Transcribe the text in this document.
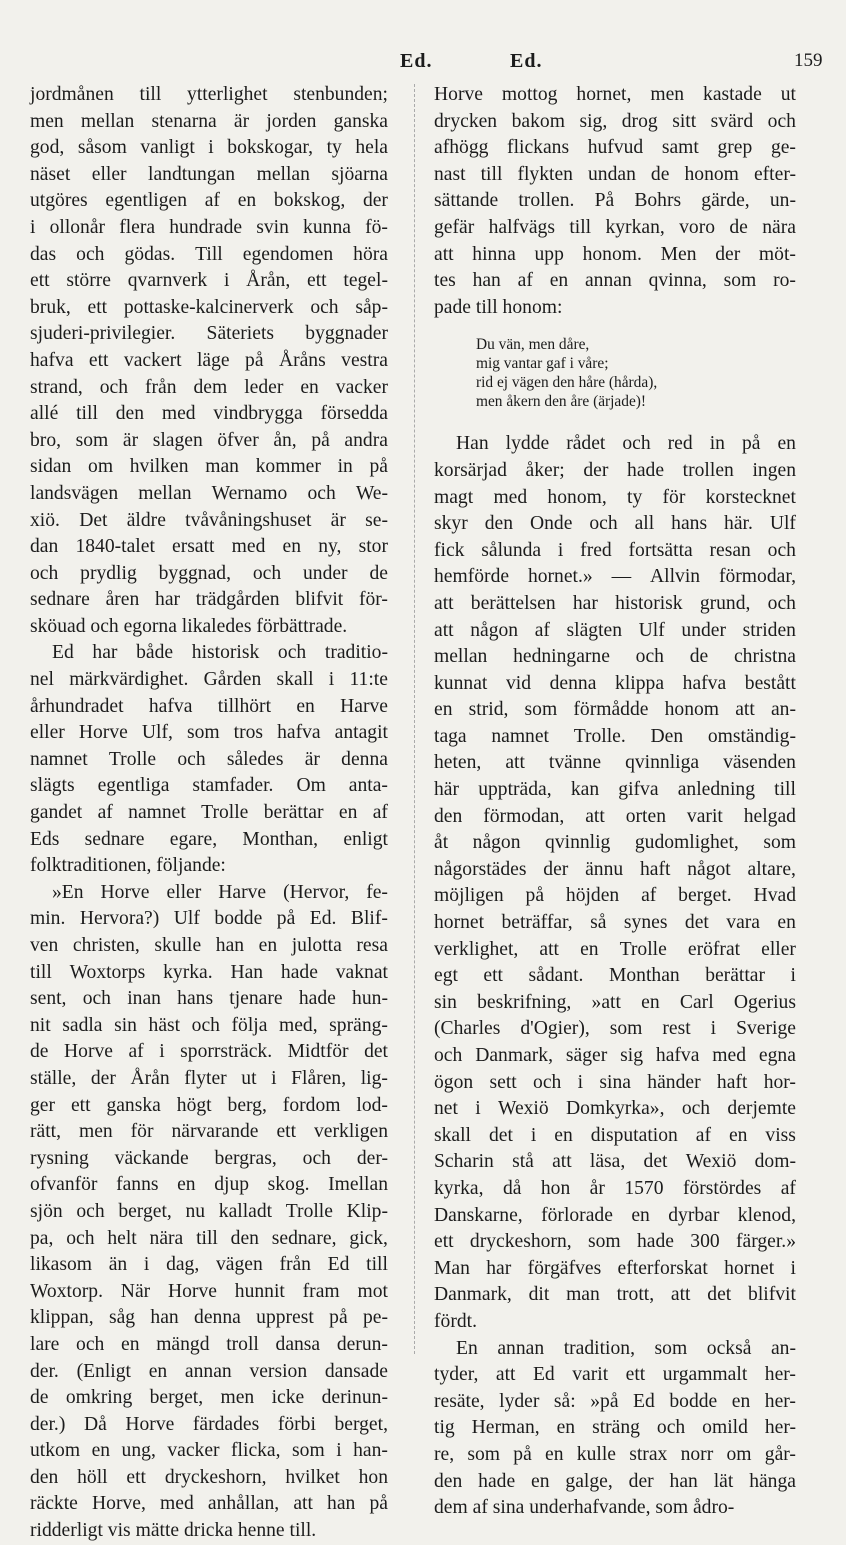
Ed.	Ed.	159
jordmånen till ytterlighet stenbunden;
men mellan stenarna är jorden ganska
god, såsom vanligt i bokskogar, ty hela
näset eller landtungan mellan sjöarna
utgöres egentligen af en bokskog, der
i ollonår flera hundrade svin kunna fö-
das och gödas. Till egendomen höra
ett större qvarnverk i Årån, ett tegel-
bruk, ett pottaske-kalcinerverk och såp-
sjuderi-privilegier. Säteriets byggnader
hafva ett vackert läge på Åråns vestra
strand, och från dem leder en vacker
allé till den med vindbrygga försedda
bro, som är slagen öfver ån, på andra
sidan om hvilken man kommer in på
landsvägen mellan Wernamo och We-
xiö. Det äldre tvåvåningshuset är se-
dan 1840-talet ersatt med en ny, stor
och prydlig byggnad, och under de
sednare åren har trädgården blifvit för-
sköuad och egorna likaledes förbättrade.
Ed har både historisk och traditio-
nel märkvärdighet. Gården skall i 11:te
århundradet hafva tillhört en Harve
eller Horve Ulf, som tros hafva antagit
namnet Trolle och således är denna
slägts egentliga stamfader. Om anta-
gandet af namnet Trolle berättar en af
Eds sednare egare, Monthan, enligt
folktraditionen, följande:
»En Horve eller Harve (Hervor, fe-
min. Hervora?) Ulf bodde på Ed. Blif-
ven christen, skulle han en julotta resa
till Woxtorps kyrka. Han hade vaknat
sent, och inan hans tjenare hade hun-
nit sadla sin häst och följa med, spräng-
de Horve af i sporrsträck. Midtför det
ställe, der Årån flyter ut i Flåren, lig-
ger ett ganska högt berg, fordom lod-
rätt, men för närvarande ett verkligen
rysning väckande bergras, och der-
ofvanför fanns en djup skog. Imellan
sjön och berget, nu kalladt Trolle Klip-
pa, och helt nära till den sednare, gick,
likasom än i dag, vägen från Ed till
Woxtorp. När Horve hunnit fram mot
klippan, såg han denna upprest på pe-
lare och en mängd troll dansa derun-
der. (Enligt en annan version dansade
de omkring berget, men icke derinun-
der.) Då Horve färdades förbi berget,
utkom en ung, vacker flicka, som i han-
den höll ett dryckeshorn, hvilket hon
räckte Horve, med anhållan, att han på
ridderligt vis mätte dricka henne till.
Horve mottog hornet, men kastade ut
drycken bakom sig, drog sitt svärd och
afhögg flickans hufvud samt grep ge-
nast till flykten undan de honom efter-
sättande trollen. På Bohrs gärde, un-
gefär halfvägs till kyrkan, voro de nära
att hinna upp honom. Men der möt-
tes han af en annan qvinna, som ro-
pade till honom:
Du vän, men dåre,
mig vantar gaf i våre;
rid ej vägen den håre (hårda),
men åkern den åre (ärjade)!
Han lydde rådet och red in på en
korsärjad åker; der hade trollen ingen
magt med honom, ty för korstecknet
skyr den Onde och all hans här. Ulf
fick sålunda i fred fortsätta resan och
hemförde hornet.» — Allvin förmodar,
att berättelsen har historisk grund, och
att någon af slägten Ulf under striden
mellan hedningarne och de christna
kunnat vid denna klippa hafva bestått
en strid, som förmådde honom att an-
taga namnet Trolle. Den omständig-
heten, att tvänne qvinnliga väsenden
här uppträda, kan gifva anledning till
den förmodan, att orten varit helgad
åt någon qvinnlig gudomlighet, som
någorstädes der ännu haft något altare,
möjligen på höjden af berget. Hvad
hornet beträffar, så synes det vara en
verklighet, att en Trolle eröfrat eller
egt ett sådant. Monthan berättar i
sin beskrifning, »att en Carl Ogerius
(Charles d'Ogier), som rest i Sverige
och Danmark, säger sig hafva med egna
ögon sett och i sina händer haft hor-
net i Wexiö Domkyrka», och derjemte
skall det i en disputation af en viss
Scharin stå att läsa, det Wexiö dom-
kyrka, då hon år 1570 förstördes af
Danskarne, förlorade en dyrbar klenod,
ett dryckeshorn, som hade 300 färger.»
Man har förgäfves efterforskat hornet i
Danmark, dit man trott, att det blifvit
fördt.
En annan tradition, som också an-
tyder, att Ed varit ett urgammalt her-
resäte, lyder så: »på Ed bodde en her-
tig Herman, en sträng och omild her-
re, som på en kulle strax norr om går-
den hade en galge, der han lät hänga
dem af sina underhafvande, som ådro-
